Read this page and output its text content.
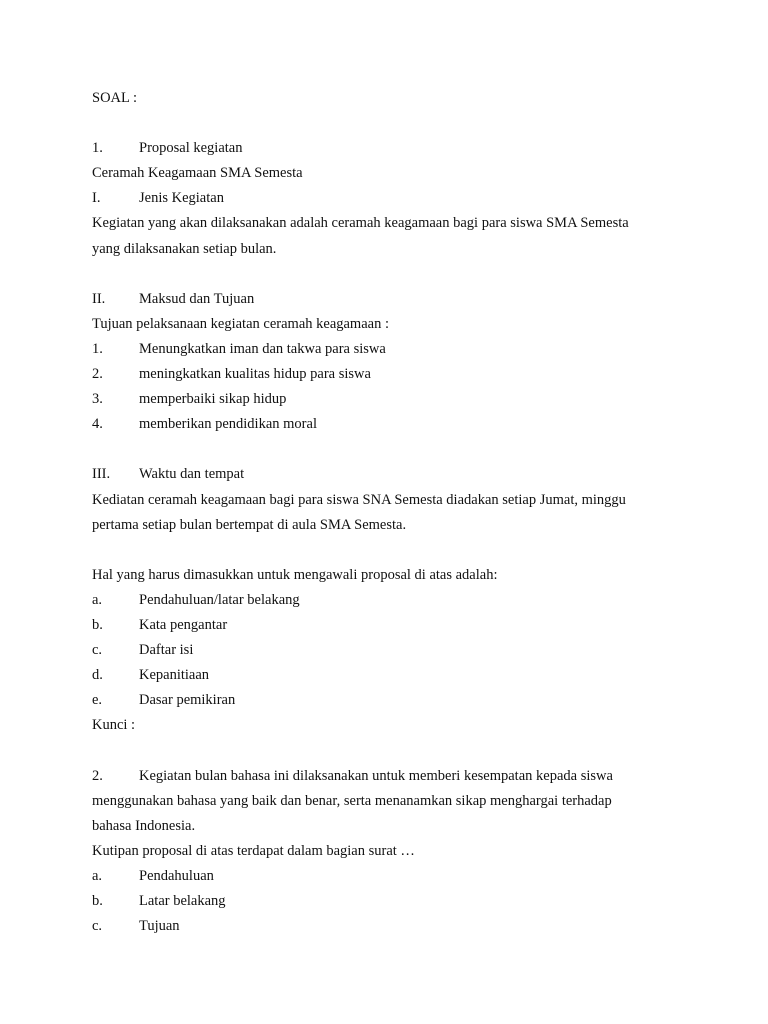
SOAL :
1. Proposal kegiatan
Ceramah Keagamaan SMA Semesta
I.	Jenis Kegiatan
Kegiatan yang akan dilaksanakan adalah ceramah keagamaan bagi para siswa SMA Semesta
yang dilaksanakan setiap bulan.
II. Maksud dan Tujuan
Tujuan pelaksanaan kegiatan ceramah keagamaan :
1. Menungkatkan iman dan takwa para siswa
2. meningkatkan kualitas hidup para siswa
3. memperbaiki sikap hidup
4. memberikan pendidikan moral
III. Waktu dan tempat
Kediatan ceramah keagamaan bagi para siswa SNA Semesta diadakan setiap Jumat, minggu
pertama setiap bulan bertempat di aula SMA Semesta.
Hal yang harus dimasukkan untuk mengawali proposal di atas adalah:
a.	Pendahuluan/latar belakang
b. Kata pengantar
c.	Daftar isi
d. Kepanitiaan
e.	Dasar pemikiran
Kunci :
2. Kegiatan bulan bahasa ini dilaksanakan untuk memberi kesempatan kepada siswa
menggunakan bahasa yang baik dan benar, serta menanamkan sikap menghargai terhadap
bahasa Indonesia.
Kutipan proposal di atas terdapat dalam bagian surat …
a.	Pendahuluan
b. Latar belakang
c.	Tujuan
